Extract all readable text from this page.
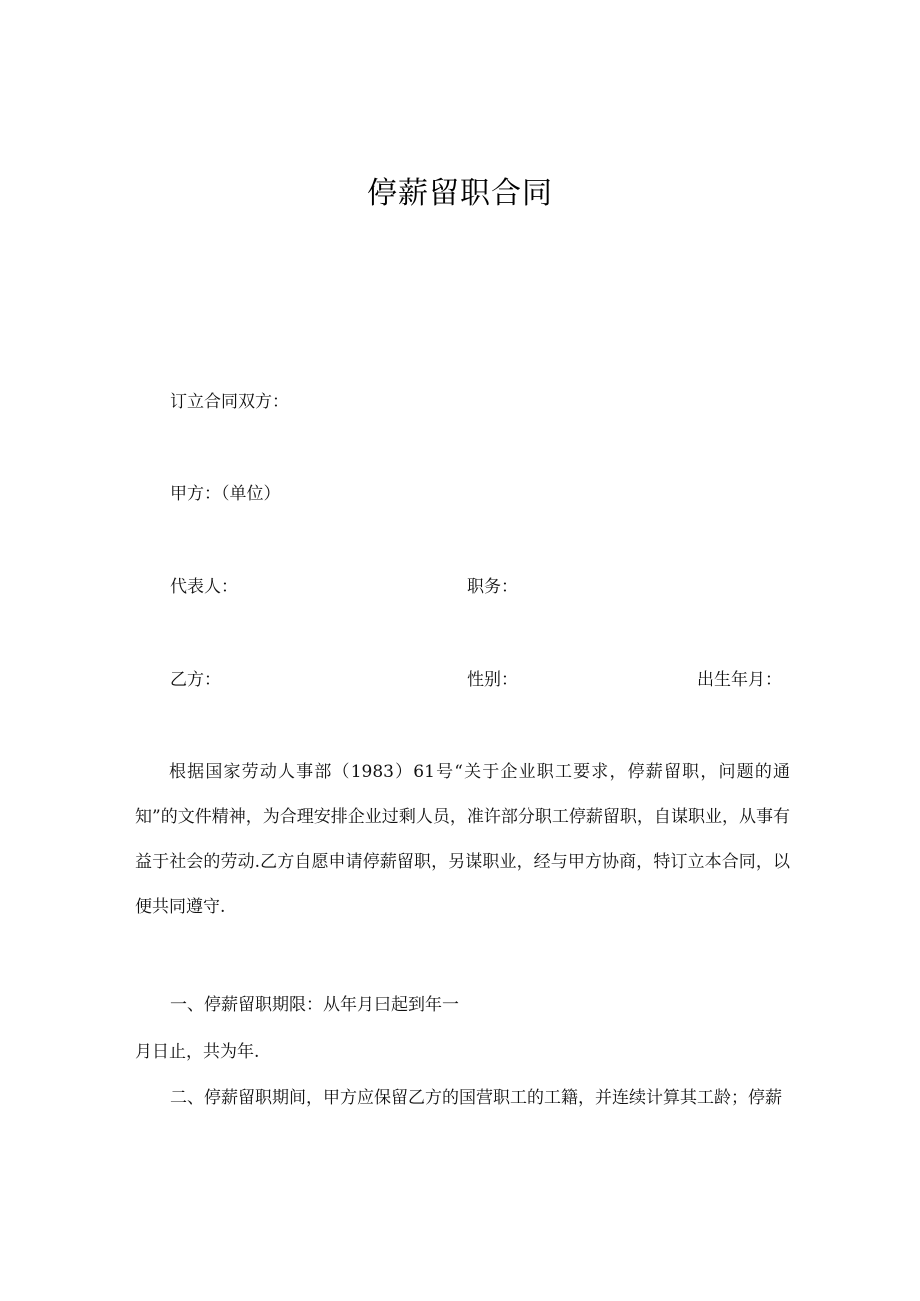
停薪留职合同
订立合同双方：
甲方：（单位）
代表人：	职务：
乙方：	性别：	出生年月：
根据国家劳动人事部（1983）61号“关于企业职工要求，停薪留职，问题的通知”的文件精神，为合理安排企业过剩人员，准许部分职工停薪留职，自谋职业，从事有益于社会的劳动.乙方自愿申请停薪留职，另谋职业，经与甲方协商，特订立本合同，以便共同遵守.
一、停薪留职期限：从年月曰起到年一
月日止，共为年.
二、停薪留职期间，甲方应保留乙方的国营职工的工籍，并连续计算其工龄；停薪
